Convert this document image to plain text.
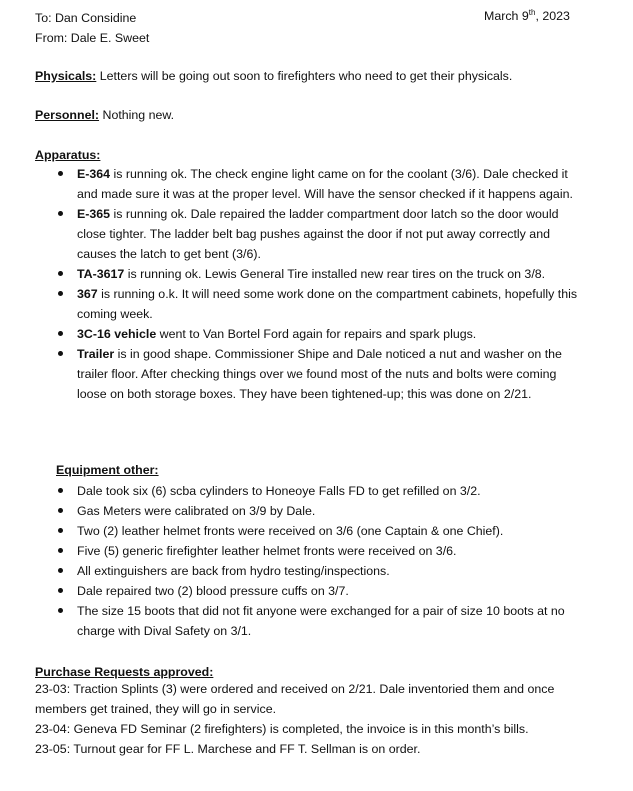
To: Dan Considine
From: Dale E. Sweet
March 9th, 2023
Physicals: Letters will be going out soon to firefighters who need to get their physicals.
Personnel: Nothing new.
Apparatus:
E-364 is running ok. The check engine light came on for the coolant (3/6). Dale checked it and made sure it was at the proper level. Will have the sensor checked if it happens again.
E-365 is running ok. Dale repaired the ladder compartment door latch so the door would close tighter. The ladder belt bag pushes against the door if not put away correctly and causes the latch to get bent (3/6).
TA-3617 is running ok. Lewis General Tire installed new rear tires on the truck on 3/8.
367 is running o.k. It will need some work done on the compartment cabinets, hopefully this coming week.
3C-16 vehicle went to Van Bortel Ford again for repairs and spark plugs.
Trailer is in good shape. Commissioner Shipe and Dale noticed a nut and washer on the trailer floor. After checking things over we found most of the nuts and bolts were coming loose on both storage boxes. They have been tightened-up; this was done on 2/21.
Equipment other:
Dale took six (6) scba cylinders to Honeoye Falls FD to get refilled on 3/2.
Gas Meters were calibrated on 3/9 by Dale.
Two (2) leather helmet fronts were received on 3/6 (one Captain & one Chief).
Five (5) generic firefighter leather helmet fronts were received on 3/6.
All extinguishers are back from hydro testing/inspections.
Dale repaired two (2) blood pressure cuffs on 3/7.
The size 15 boots that did not fit anyone were exchanged for a pair of size 10 boots at no charge with Dival Safety on 3/1.
Purchase Requests approved:

23-03: Traction Splints (3) were ordered and received on 2/21. Dale inventoried them and once members get trained, they will go in service.

23-04: Geneva FD Seminar (2 firefighters) is completed, the invoice is in this month’s bills.

23-05: Turnout gear for FF L. Marchese and FF T. Sellman is on order.
